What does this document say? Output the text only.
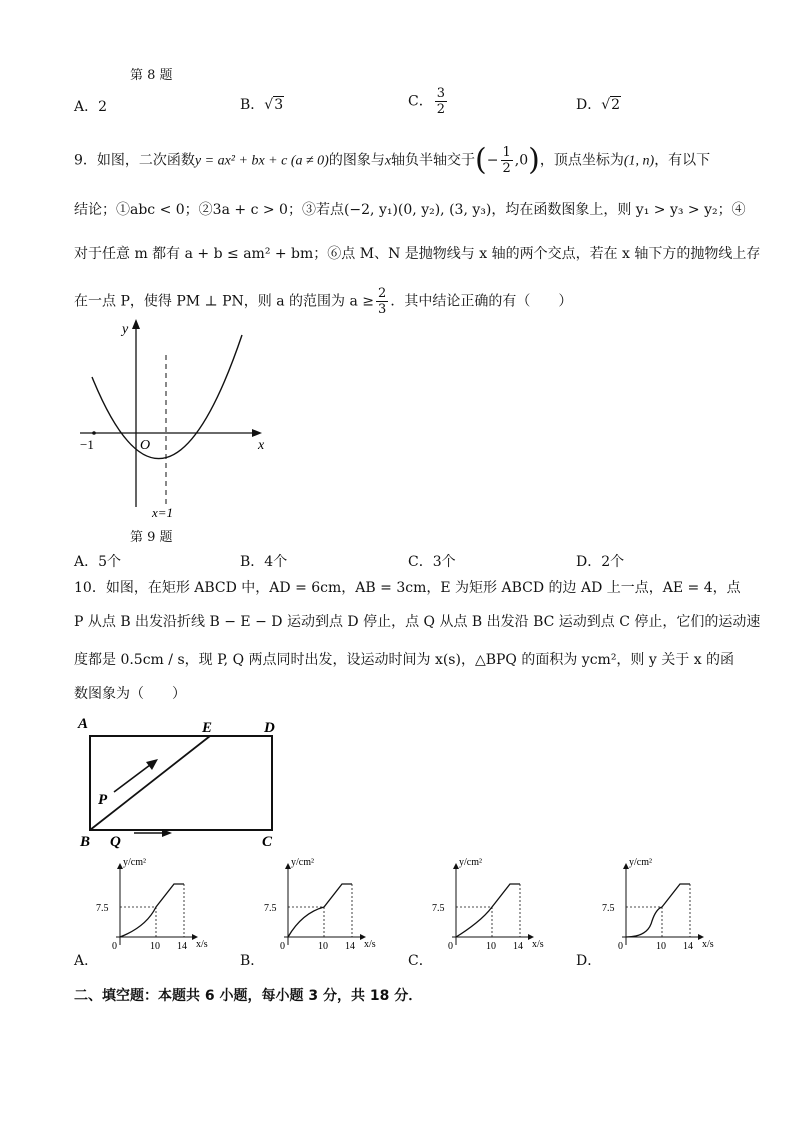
第 8 题
A．2	B．√3	C． $\frac{3}{2}$	D．√2
9．如图，二次函数y = ax² + bx + c (a ≠ 0)的图象与x轴负半轴交于(− $\frac{1}{2} ,0$)，顶点坐标为(1, n)，有以下
结论；①abc < 0；②3a + c > 0；③若点(−2, y₁)(0, y₂), (3, y₃)，均在函数图象上，则 y₁ > y₃ > y₂；④
对于任意 m 都有 a + b ≤ am² + bm；⑥点 M、N 是抛物线与 x 轴的两个交点，若在 x 轴下方的抛物线上存
在一点 P，使得 PM ⊥ PN，则 a 的范围为 $a \ge \frac{2}{3}$ ．其中结论正确的有（　　）
y
x
O
−1
x=1
第 9 题
A．5个	B．4个	C．3个	D．2个
10．如图，在矩形 ABCD 中，AD = 6cm，AB = 3cm，E 为矩形 ABCD 的边 AD 上一点，AE = 4，点
P 从点 B 出发沿折线 B − E − D 运动到点 D 停止，点 Q 从点 B 出发沿 BC 运动到点 C 停止，它们的运动速
度都是 0.5cm / s，现 P, Q 两点同时出发，设运动时间为 x(s)，△BPQ 的面积为 ycm²，则 y 关于 x 的函
数图象为（　　）
A	E	D
B
P
Q	C
y/cm²
x/s
7.5
0	10 14
y/cm²
x/s
7.5
0	10 14
y/cm²
x/s
7.5
0	10 14
y/cm²
x/s
7.5
0	10 14
A．	B．	C．	D．
二、填空题：本题共 6 小题，每小题 3 分，共 18 分．
